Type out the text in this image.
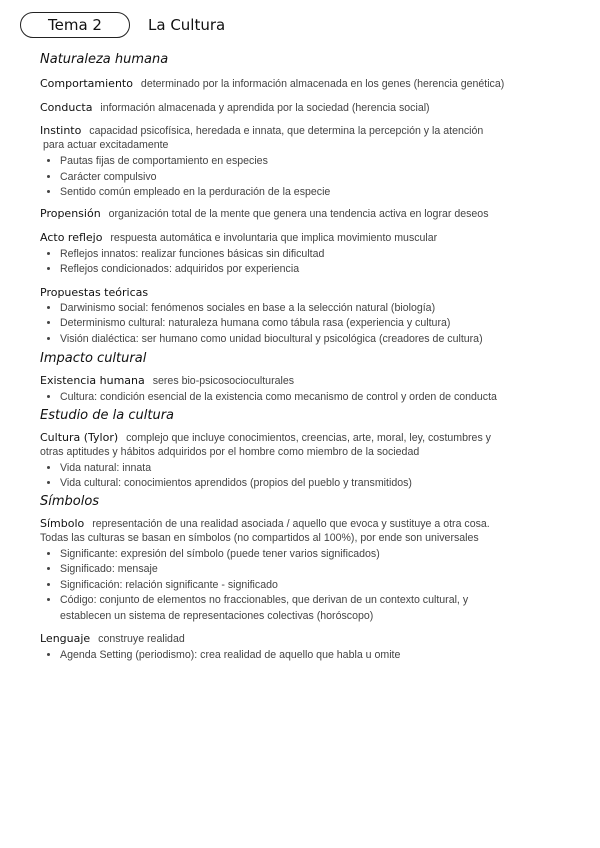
Tema 2	La Cultura

Naturaleza humana

Comportamiento determinado por la información almacenada en los genes (herencia genética)

Conducta información almacenada y aprendida por la sociedad (herencia social)

Instinto capacidad psicofísica, heredada e innata, que determina la percepción y la atención

para actuar excitadamente

• Pautas fijas de comportamiento en especies
• Carácter compulsivo
• Sentido común empleado en la perduración de la especie

Propensión organización total de la mente que genera una tendencia activa en lograr deseos

Acto reflejo respuesta automática e involuntaria que implica movimiento muscular

• Reflejos innatos: realizar funciones básicas sin dificultad
• Reflejos condicionados: adquiridos por experiencia

Propuestas teóricas

• Darwinismo social: fenómenos sociales en base a la selección natural (biología)
• Determinismo cultural: naturaleza humana como tábula rasa (experiencia y cultura)
• Visión dialéctica: ser humano como unidad biocultural y psicológica (creadores de cultura)

Impacto cultural

Existencia humana seres bio-psicosocioculturales

• Cultura: condición esencial de la existencia como mecanismo de control y orden de conducta

Estudio de la cultura

Cultura (Tylor) complejo que incluye conocimientos, creencias, arte, moral, ley, costumbres y

otras aptitudes y hábitos adquiridos por el hombre como miembro de la sociedad

• Vida natural: innata
• Vida cultural: conocimientos aprendidos (propios del pueblo y transmitidos)

Símbolos

Símbolo representación de una realidad asociada / aquello que evoca y sustituye a otra cosa.

Todas las culturas se basan en símbolos (no compartidos al 100%), por ende son universales

• Significante: expresión del símbolo (puede tener varios significados)
• Significado: mensaje
• Significación: relación significante - significado
• Código: conjunto de elementos no fraccionables, que derivan de un contexto cultural, y
establecen un sistema de representaciones colectivas (horóscopo)

Lenguaje construye realidad

• Agenda Setting (periodismo): crea realidad de aquello que habla u omite
